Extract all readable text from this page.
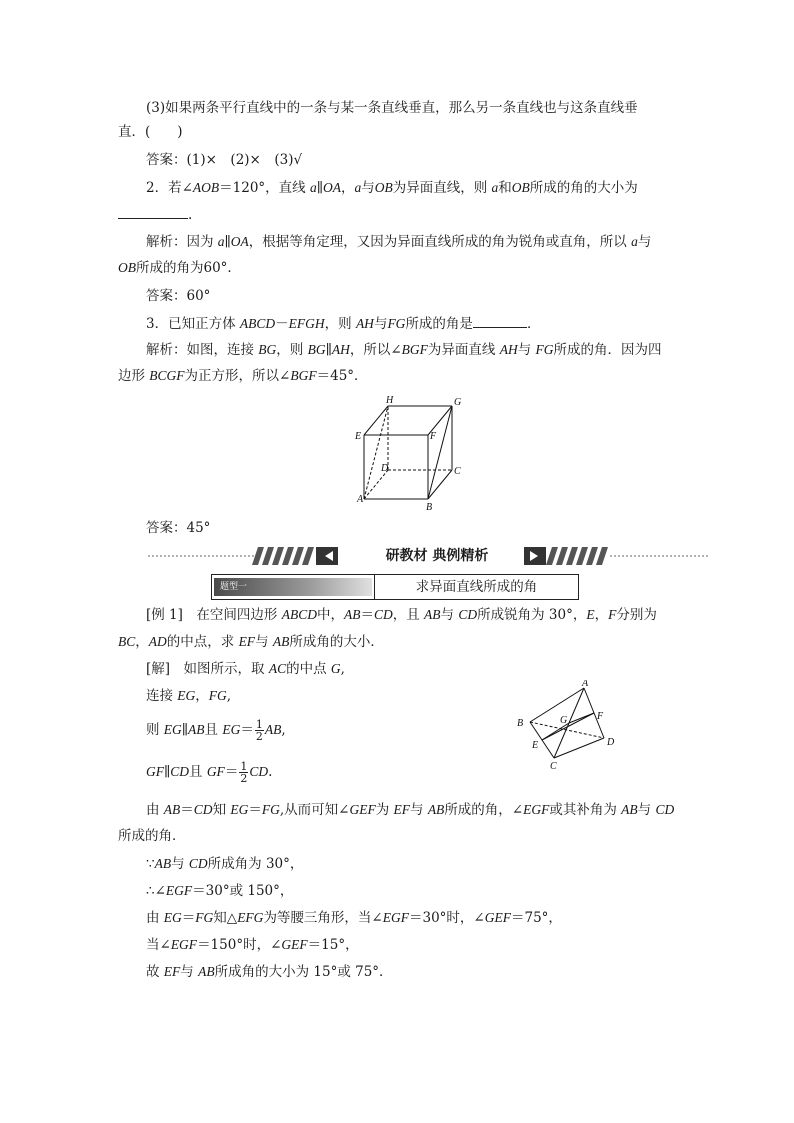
(3)如果两条平行直线中的一条与某一条直线垂直，那么另一条直线也与这条直线垂
直．(　　)
答案：(1)×　(2)×　(3)√
2．若∠AOB＝120°，直线 a∥OA，a与OB为异面直线，则 a和OB所成的角的大小为
.
解析：因为 a∥OA，根据等角定理，又因为异面直线所成的角为锐角或直角，所以 a与
OB所成的角为60°．
答案：60°
3．已知正方体 ABCD－EFGH，则 AH与FG所成的角是	．
解析：如图，连接 BG，则 BG∥AH，所以∠BGF为异面直线 AH与 FG所成的角．因为四
边形 BCGF为正方形，所以∠BGF＝45°．
H	G
E	F
D	C
A
B
答案：45°
研教材 典例精析
题型一	求异面直线所成的角
[例 1]　在空间四边形 ABCD中，AB＝CD，且 AB与 CD所成锐角为 30°，E，F分别为
BC，AD的中点，求 EF与 AB所成角的大小．
[解]　如图所示，取 AC的中点 G,
连接 EG，FG,
则 EG∥AB且 $EG= \frac{1}{2}$ AB,
GF∥CD且 $GF= \frac{1}{2}$ CD.
由 AB＝CD知 EG＝FG,从而可知∠GEF为 EF与 AB所成的角，∠EGF或其补角为 AB与 CD
所成的角．
∵AB与 CD所成角为 30°，
∴∠EGF＝30°或 150°，
由 EG＝FG知△EFG为等腰三角形，当∠EGF＝30°时，∠GEF＝75°，
当∠EGF＝150°时，∠GEF＝15°，
故 EF与 AB所成角的大小为 15°或 75°．
A
B	G	F
E	D
C
